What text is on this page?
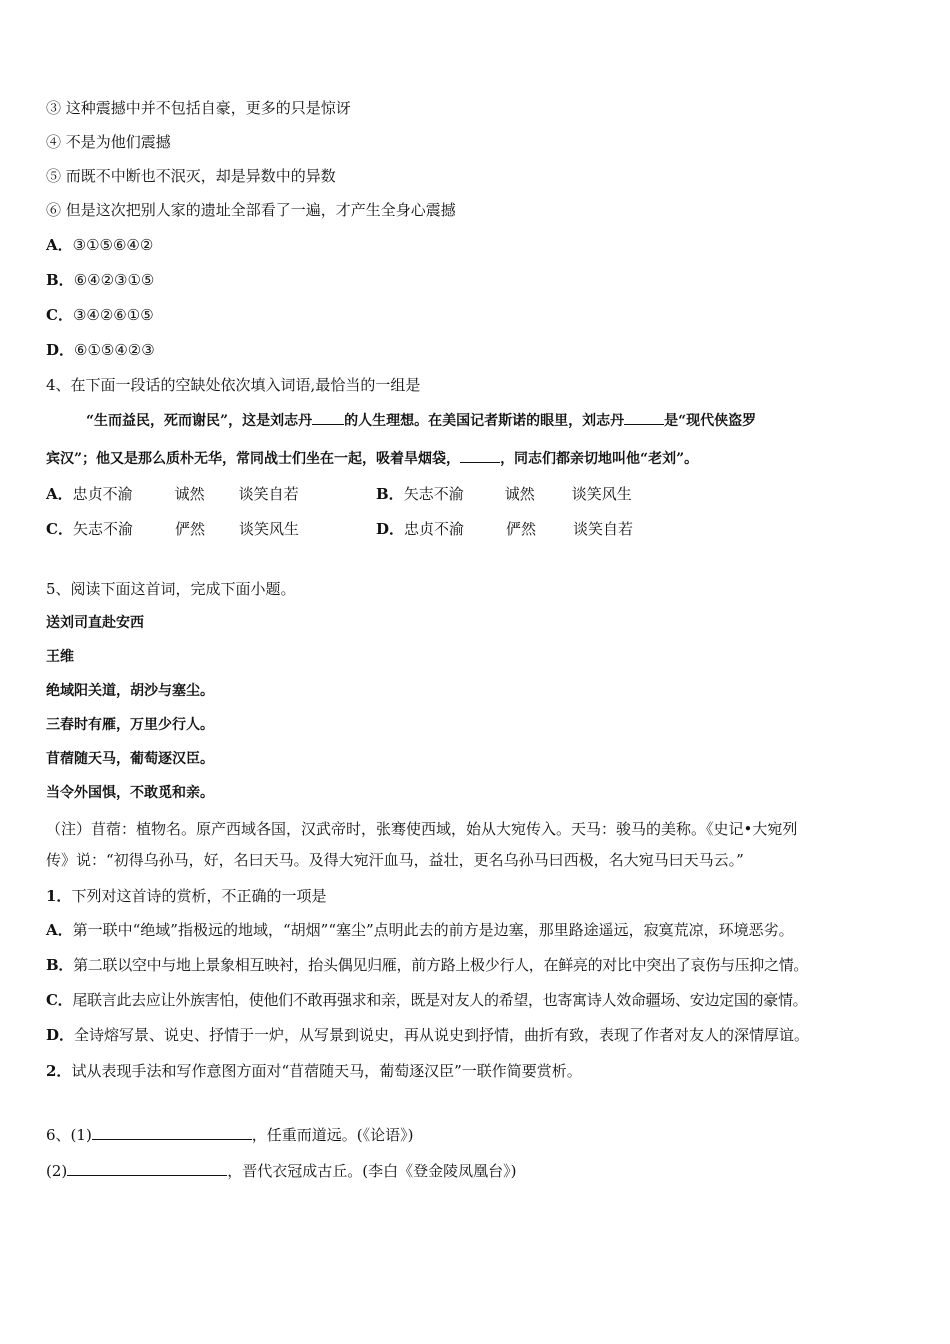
③ 这种震撼中并不包括自豪，更多的只是惊讶

④ 不是为他们震撼

⑤ 而既不中断也不泯灭，却是异数中的异数

⑥ 但是这次把别人家的遗址全部看了一遍，才产生全身心震撼

A．③①⑤⑥④②

B．⑥④②③①⑤

C．③④②⑥①⑤

D．⑥①⑤④②③

4、在下面一段话的空缺处依次填入词语,最恰当的一组是

“生而益民，死而谢民”，这是刘志丹 的人生理想。在美国记者斯诺的眼里，刘志丹	是“现代侠盗罗

宾汉”；他又是那么质朴无华，常同战士们坐在一起，吸着旱烟袋，	，同志们都亲切地叫他“老刘”。

A．忠贞不渝	诚然 谈笑自若	B．矢志不渝	诚然 谈笑风生
C．矢志不渝	俨然 谈笑风生	D．忠贞不渝	俨然 谈笑自若

5、阅读下面这首词，完成下面小题。

送刘司直赴安西

王维

绝域阳关道，胡沙与塞尘。

三春时有雁，万里少行人。

苜蓿随天马，葡萄逐汉臣。

当令外国惧，不敢觅和亲。

（注）苜蓿：植物名。原产西域各国，汉武帝时，张骞使西域，始从大宛传入。天马：骏马的美称。《史记•大宛列

传》说：“初得乌孙马，好，名曰天马。及得大宛汗血马，益壮，更名乌孙马曰西极，名大宛马曰天马云。”

1．下列对这首诗的赏析，不正确的一项是

A．第一联中“绝域”指极远的地域，“胡烟”“塞尘”点明此去的前方是边塞，那里路途遥远，寂寞荒凉，环境恶劣。

B．第二联以空中与地上景象相互映衬，抬头偶见归雁，前方路上极少行人，在鲜亮的对比中突出了哀伤与压抑之情。

C．尾联言此去应让外族害怕，使他们不敢再强求和亲，既是对友人的希望，也寄寓诗人效命疆场、安边定国的豪情。

D．全诗熔写景、说史、抒情于一炉，从写景到说史，再从说史到抒情，曲折有致，表现了作者对友人的深情厚谊。

2．试从表现手法和写作意图方面对“苜蓿随天马，葡萄逐汉臣”一联作简要赏析。

6、(1)	，任重而道远。(《论语》)

(2)	，晋代衣冠成古丘。(李白《登金陵凤凰台》)
